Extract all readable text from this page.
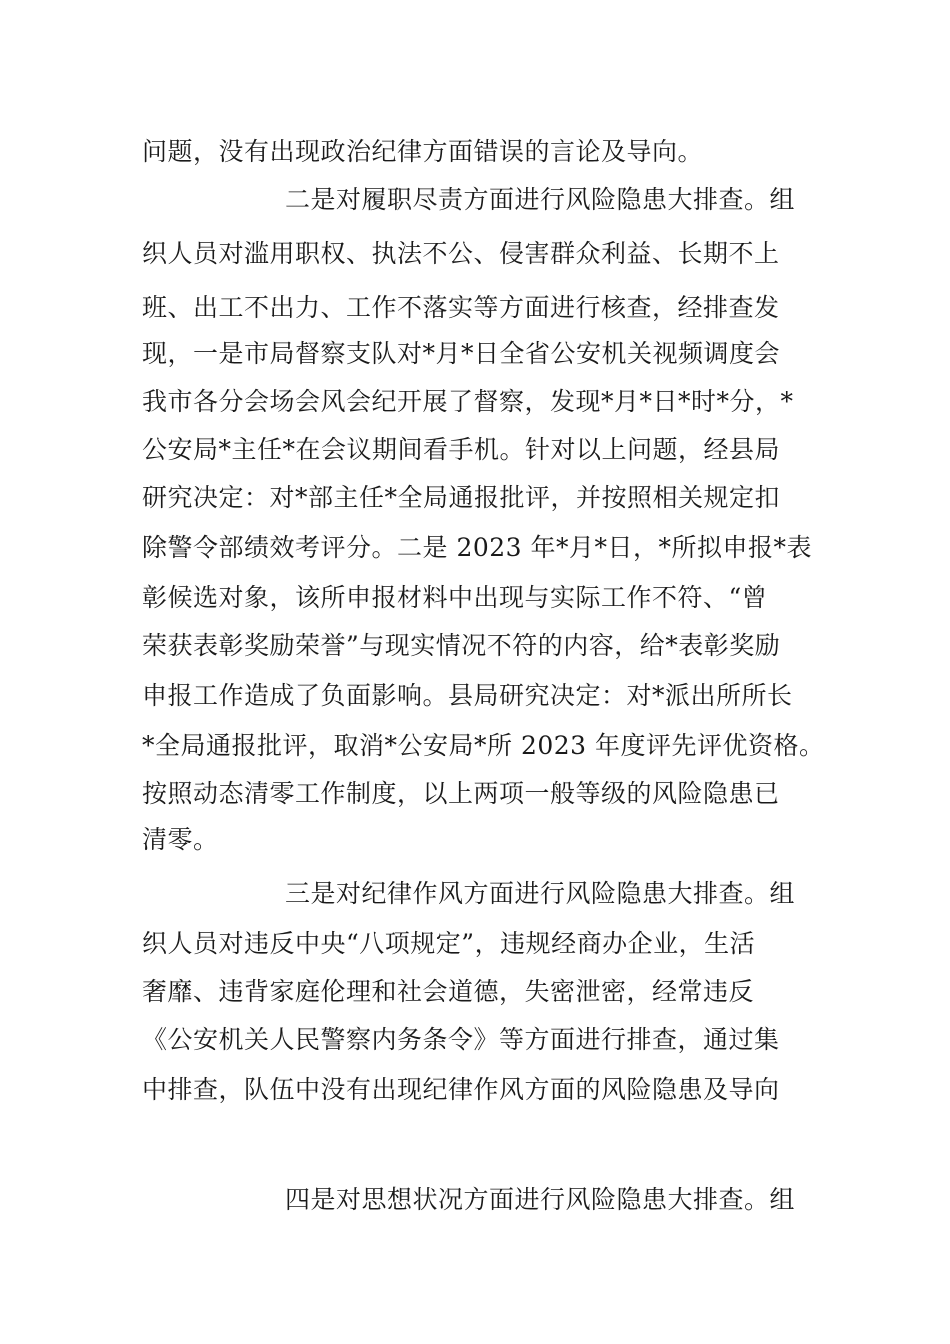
问题，没有出现政治纪律方面错误的言论及导向。
二是对履职尽责方面进行风险隐患大排查。组
织人员对滥用职权、执法不公、侵害群众利益、长期不上
班、出工不出力、工作不落实等方面进行核查，经排查发
现，一是市局督察支队对*月*日全省公安机关视频调度会
我市各分会场会风会纪开展了督察，发现*月*日*时*分，*
公安局*主任*在会议期间看手机。针对以上问题，经县局
研究决定：对*部主任*全局通报批评，并按照相关规定扣
除警令部绩效考评分。二是 2023 年*月*日，*所拟申报*表
彰候选对象，该所申报材料中出现与实际工作不符、“曾
荣获表彰奖励荣誉”与现实情况不符的内容，给*表彰奖励
申报工作造成了负面影响。县局研究决定：对*派出所所长
*全局通报批评，取消*公安局*所 2023 年度评先评优资格。
按照动态清零工作制度，以上两项一般等级的风险隐患已
清零。
三是对纪律作风方面进行风险隐患大排查。组
织人员对违反中央“八项规定”，违规经商办企业，生活
奢靡、违背家庭伦理和社会道德，失密泄密，经常违反
《公安机关人民警察内务条令》等方面进行排查，通过集
中排查，队伍中没有出现纪律作风方面的风险隐患及导向
四是对思想状况方面进行风险隐患大排查。组
